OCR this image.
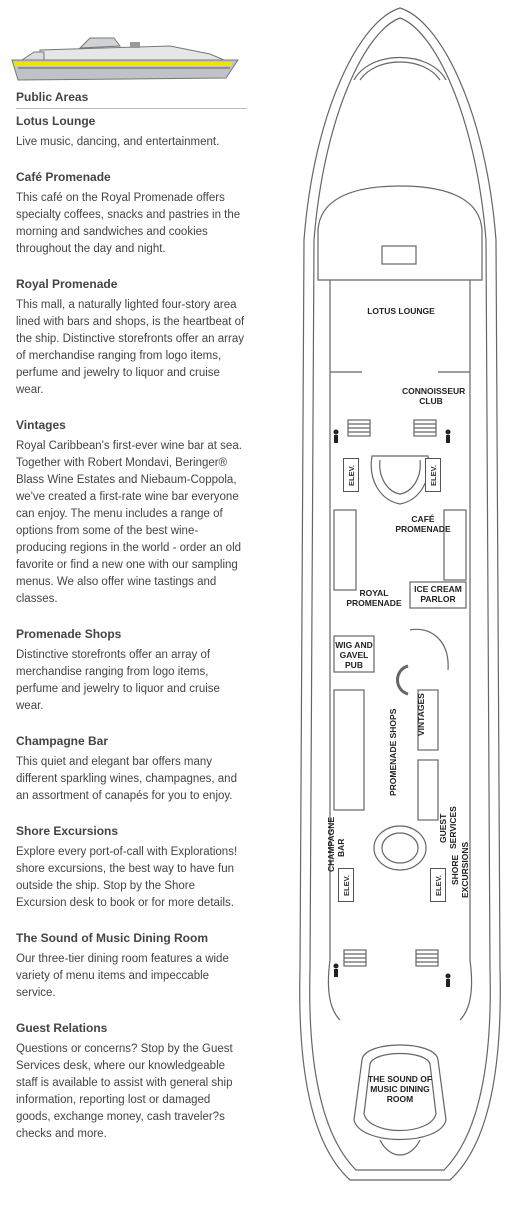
Public Areas
Lotus Lounge

Live music, dancing, and entertainment.

Café Promenade

This café on the Royal Promenade offers specialty coffees, snacks and pastries in the morning and sandwiches and cookies throughout the day and night.

Royal Promenade

This mall, a naturally lighted four-story area lined with bars and shops, is the heartbeat of the ship. Distinctive storefronts offer an array of merchandise ranging from logo items, perfume and jewelry to liquor and cruise wear.

Vintages

Royal Caribbean's first-ever wine bar at sea. Together with Robert Mondavi, Beringer® Blass Wine Estates and Niebaum-Coppola, we've created a first-rate wine bar everyone can enjoy. The menu includes a range of options from some of the best wine-producing regions in the world - order an old favorite or find a new one with our sampling menus. We also offer wine tastings and classes.

Promenade Shops

Distinctive storefronts offer an array of merchandise ranging from logo items, perfume and jewelry to liquor and cruise wear.

Champagne Bar

This quiet and elegant bar offers many different sparkling wines, champagnes, and an assortment of canapés for you to enjoy.

Shore Excursions

Explore every port-of-call with Explorations! shore excursions, the best way to have fun outside the ship. Stop by the Shore Excursion desk to book or for more details.

The Sound of Music Dining Room

Our three-tier dining room features a wide variety of menu items and impeccable service.

Guest Relations

Questions or concerns? Stop by the Guest Services desk, where our knowledgeable staff is available to assist with general ship information, reporting lost or damaged goods, exchange money, cash traveler?s checks and more.

LOTUS LOUNGE
CONNOISSEUR CLUB
ELEV.	ELEV.
CAFÉ PROMENADE
ROYAL PROMENADE
ICE CREAM PARLOR
WIG AND GAVEL PUB
PROMENADE SHOPS VINTAGES
CHAMPAGNE BAR
GUEST SERVICES
SHORE EXCURSIONS
ELEV.	ELEV.
THE SOUND OF MUSIC DINING ROOM
